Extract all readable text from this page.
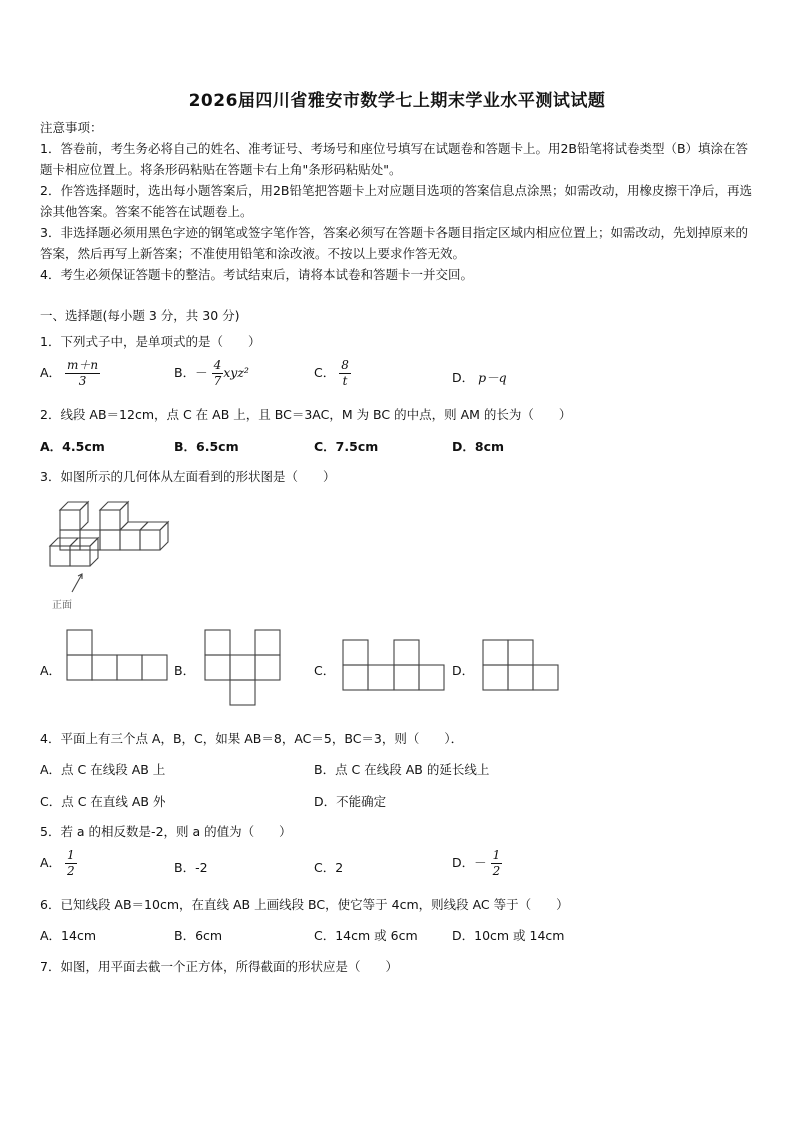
2026届四川省雅安市数学七上期末学业水平测试试题
注意事项：
1．答卷前，考生务必将自己的姓名、准考证号、考场号和座位号填写在试题卷和答题卡上。用2B铅笔将试卷类型（B）填涂在答题卡相应位置上。将条形码粘贴在答题卡右上角"条形码粘贴处"。
2．作答选择题时，选出每小题答案后，用2B铅笔把答题卡上对应题目选项的答案信息点涂黑；如需改动，用橡皮擦干净后，再选涂其他答案。答案不能答在试题卷上。
3．非选择题必须用黑色字迹的钢笔或签字笔作答，答案必须写在答题卡各题目指定区域内相应位置上；如需改动，先划掉原来的答案，然后再写上新答案；不准使用铅笔和涂改液。不按以上要求作答无效。
4．考生必须保证答题卡的整洁。考试结束后，请将本试卷和答题卡一并交回。
一、选择题(每小题 3 分，共 30 分)
1．下列式子中，是单项式的是（　　）
A． $\frac{m+n}{3}$	B．－ $\frac{4}{7} xyz^2$	C． $\frac{8}{t}$	D． p－q
2．线段 AB＝12cm，点 C 在 AB 上，且 BC＝3AC，M 为 BC 的中点，则 AM 的长为（　　）
A．4.5cm	B．6.5cm	C．7.5cm	D．8cm
3．如图所示的几何体从左面看到的形状图是（　　）
正面
A．	B．	C．	D．
4．平面上有三个点 A，B，C，如果 AB＝8，AC＝5，BC＝3，则（　　）．
A．点 C 在线段 AB 上	B．点 C 在线段 AB 的延长线上
C．点 C 在直线 AB 外	D．不能确定
5．若 a 的相反数是-2，则 a 的值为（　　）
A． $\frac{1}{2}$	B．-2	C．2	D．－ $\frac{1}{2}$
6．已知线段 AB＝10cm，在直线 AB 上画线段 BC，使它等于 4cm，则线段 AC 等于（　　）
A．14cm	B．6cm	C．14cm 或 6cm	D．10cm 或 14cm
7．如图，用平面去截一个正方体，所得截面的形状应是（　　）
